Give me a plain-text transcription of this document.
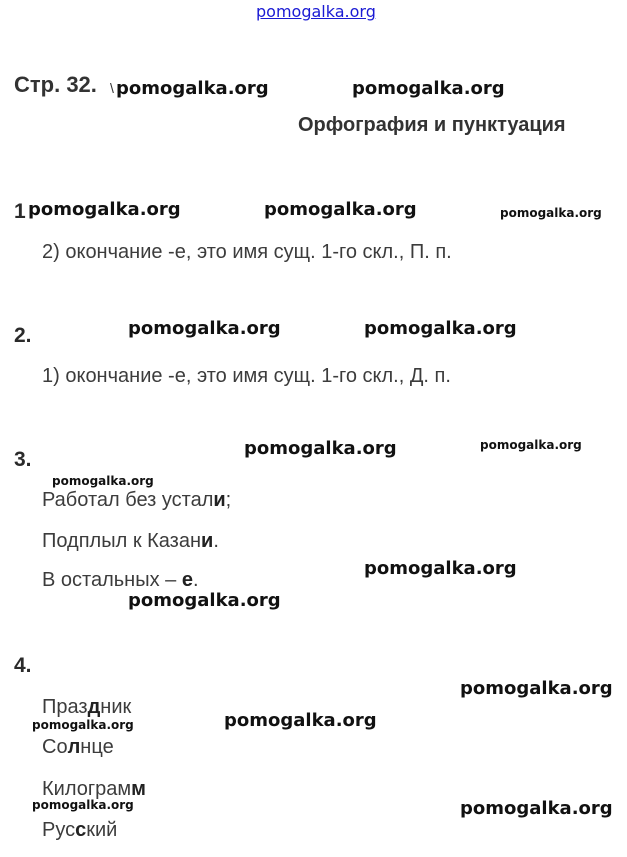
pomogalka.org
Стр. 32. \
Орфография и пунктуация
1
2) окончание -е, это имя сущ. 1-го скл., П. п.
2.
1) окончание -е, это имя сущ. 1-го скл., Д. п.
3.
Работал без устали;
Подплыл к Казани.
В остальных – е.
4.
Праздник
Солнце
Килограмм
Русский
pomogalka.org	pomogalka.org
pomogalka.org	pomogalka.org	pomogalka.org
pomogalka.org	pomogalka.org
pomogalka.org	pomogalka.org
pomogalka.org
pomogalka.org
pomogalka.org
pomogalka.org
pomogalka.org	pomogalka.org
pomogalka.org	pomogalka.org
